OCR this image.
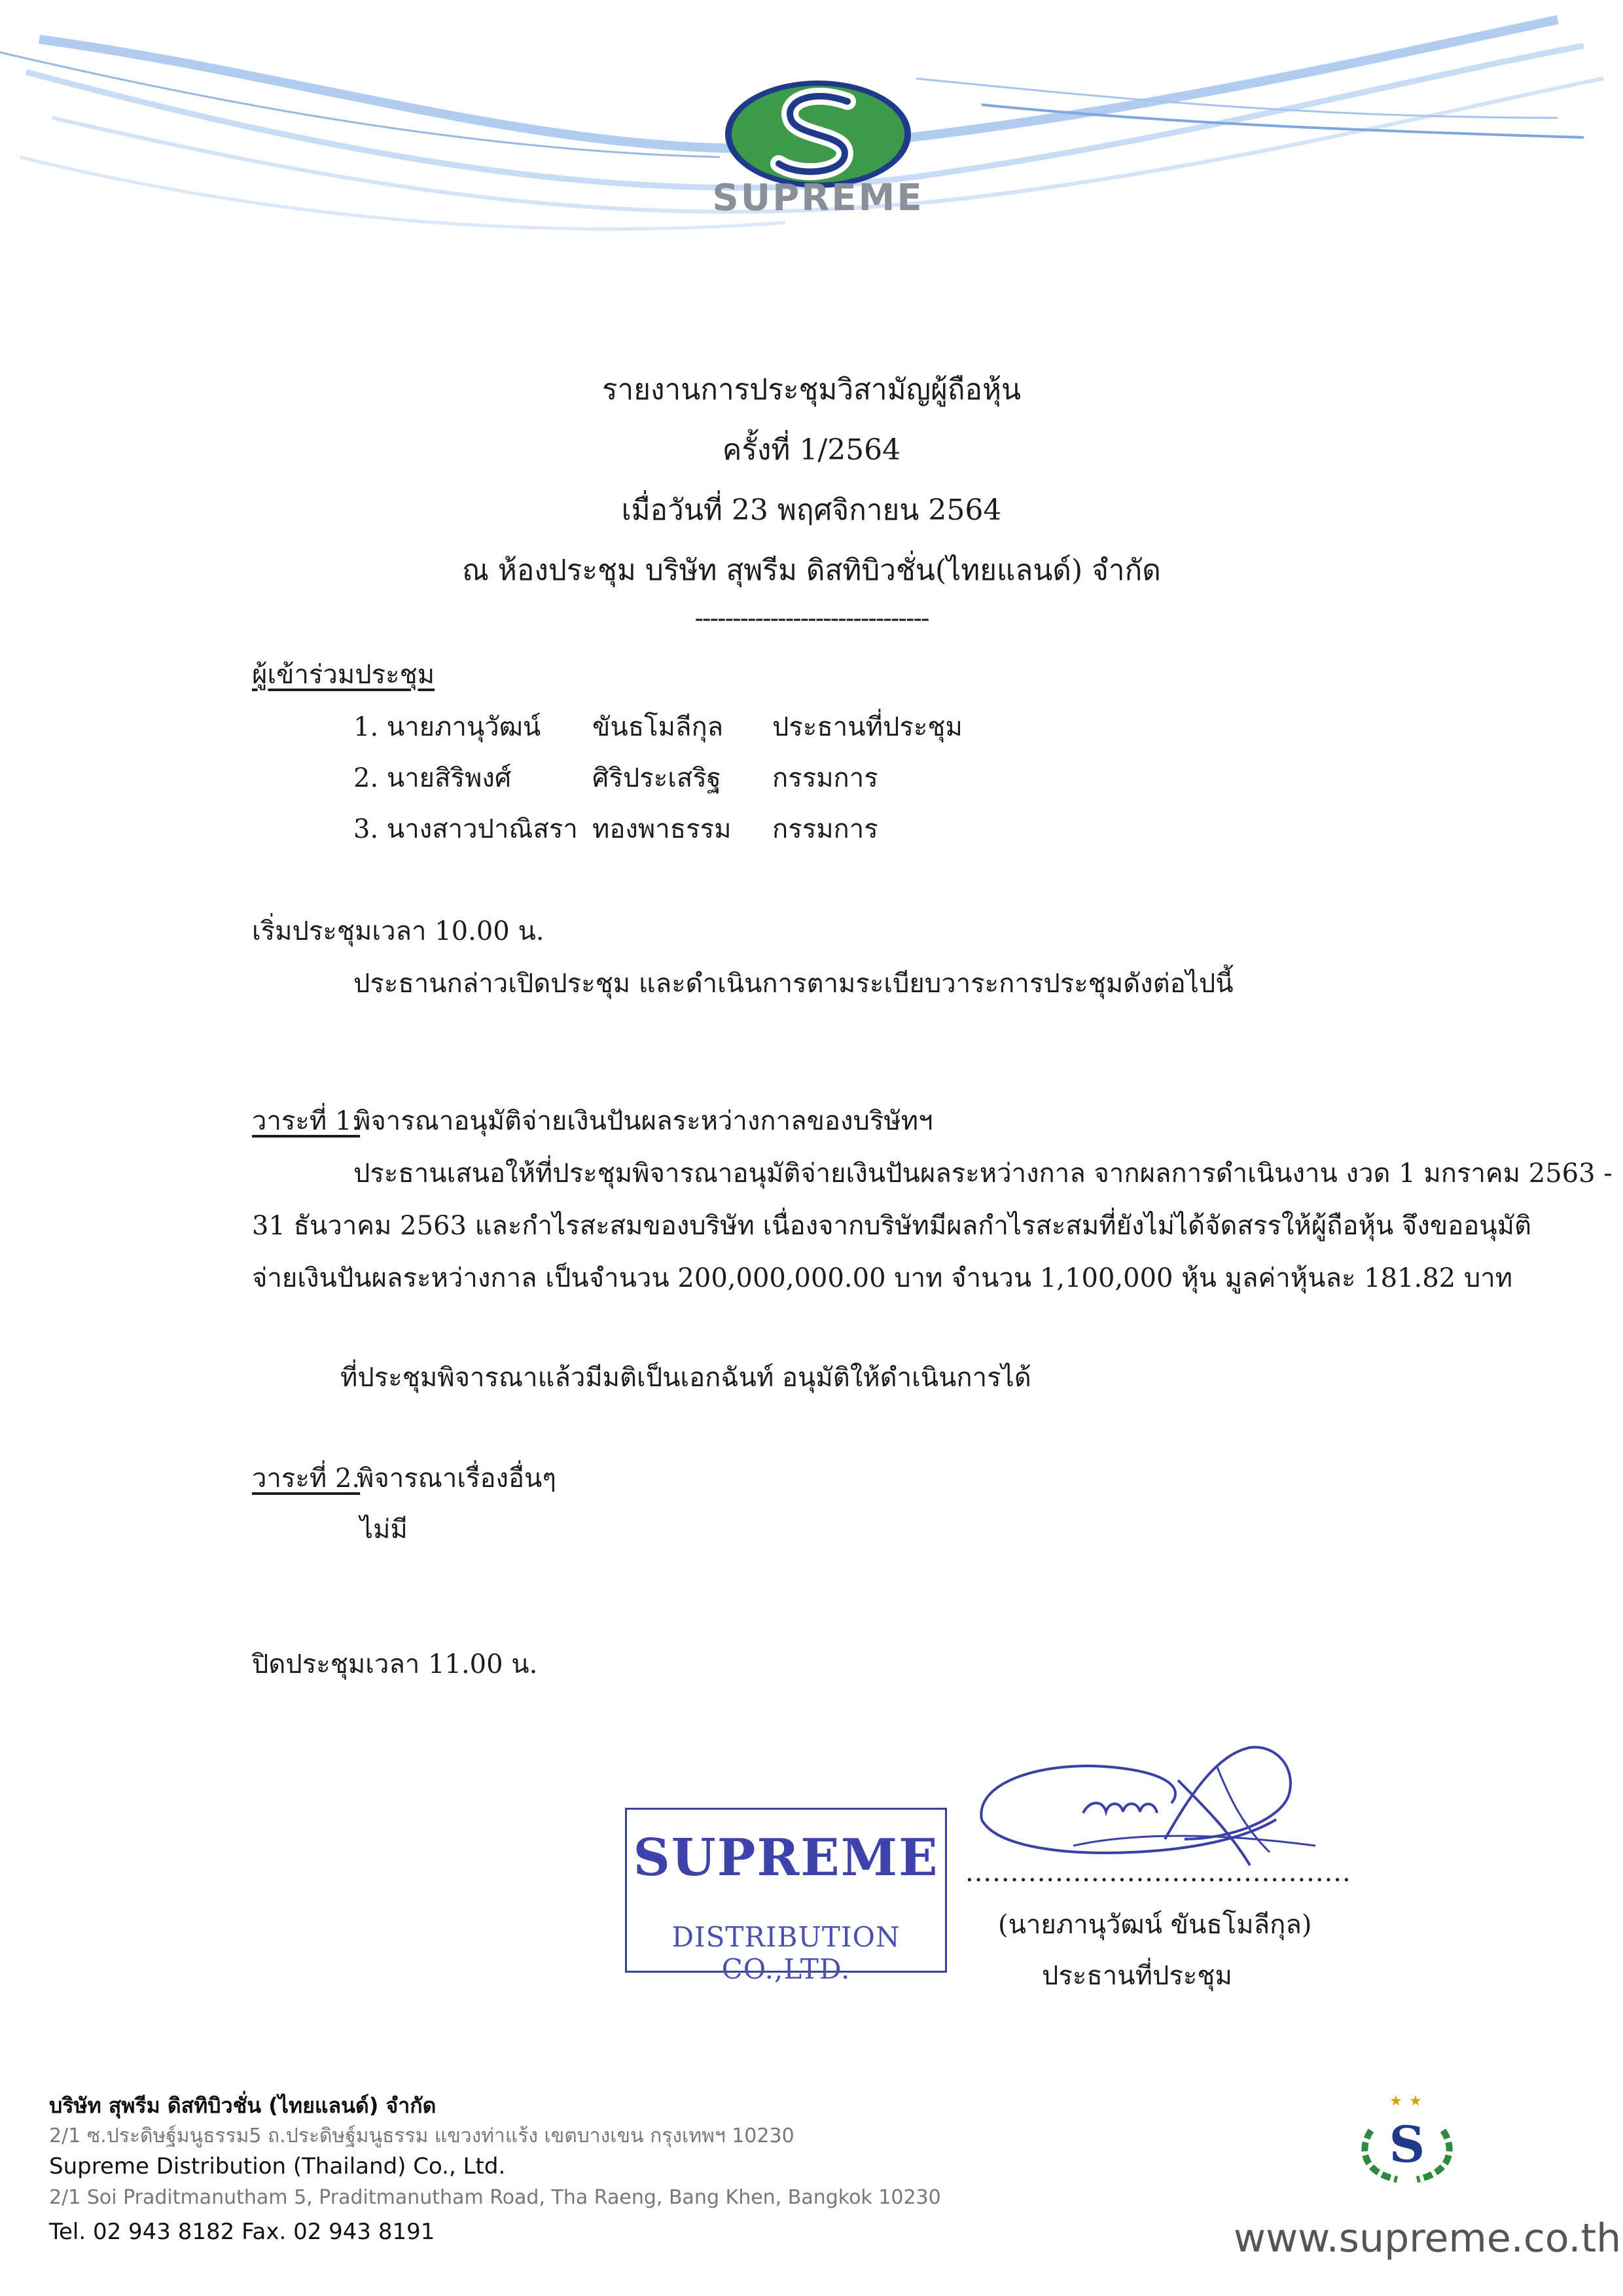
SUPREME
รายงานการประชุมวิสามัญผู้ถือหุ้น
ครั้งที่ 1/2564
เมื่อวันที่ 23 พฤศจิกายน 2564
ณ ห้องประชุม บริษัท สุพรีม ดิสทิบิวชั่น(ไทยแลนด์) จำกัด
-------------------------------
ผู้เข้าร่วมประชุม
1. นายภานุวัฒน์ ขันธโมลีกุล ประธานที่ประชุม
2. นายสิริพงศ์	ศิริประเสริฐ กรรมการ
3. นางสาวปาณิสรา ทองพาธรรม กรรมการ
เริ่มประชุมเวลา 10.00 น.
ประธานกล่าวเปิดประชุม และดำเนินการตามระเบียบวาระการประชุมดังต่อไปนี้
วาระที่ 1.
พิจารณาอนุมัติจ่ายเงินปันผลระหว่างกาลของบริษัทฯ
ประธานเสนอให้ที่ประชุมพิจารณาอนุมัติจ่ายเงินปันผลระหว่างกาล จากผลการดำเนินงาน งวด 1 มกราคม 2563 -
31 ธันวาคม 2563 และกำไรสะสมของบริษัท เนื่องจากบริษัทมีผลกำไรสะสมที่ยังไม่ได้จัดสรรให้ผู้ถือหุ้น จึงขออนุมัติ
จ่ายเงินปันผลระหว่างกาล เป็นจำนวน 200,000,000.00 บาท จำนวน 1,100,000 หุ้น มูลค่าหุ้นละ 181.82 บาท
ที่ประชุมพิจารณาแล้วมีมติเป็นเอกฉันท์ อนุมัติให้ดำเนินการได้
วาระที่ 2.
พิจารณาเรื่องอื่นๆ
ไม่มี
ปิดประชุมเวลา 11.00 น.
SUPREME
DISTRIBUTION CO.,LTD.
...........................................
(นายภานุวัฒน์ ขันธโมลีกุล)
ประธานที่ประชุม
บริษัท สุพรีม ดิสทิบิวชั่น (ไทยแลนด์) จำกัด
2/1 ซ.ประดิษฐ์มนูธรรม5 ถ.ประดิษฐ์มนูธรรม แขวงท่าแร้ง เขตบางเขน กรุงเทพฯ 10230
Supreme Distribution (Thailand) Co., Ltd.
2/1 Soi Praditmanutham 5, Praditmanutham Road, Tha Raeng, Bang Khen, Bangkok 10230
Tel. 02 943 8182 Fax. 02 943 8191
★ ★
S
www.supreme.co.th
